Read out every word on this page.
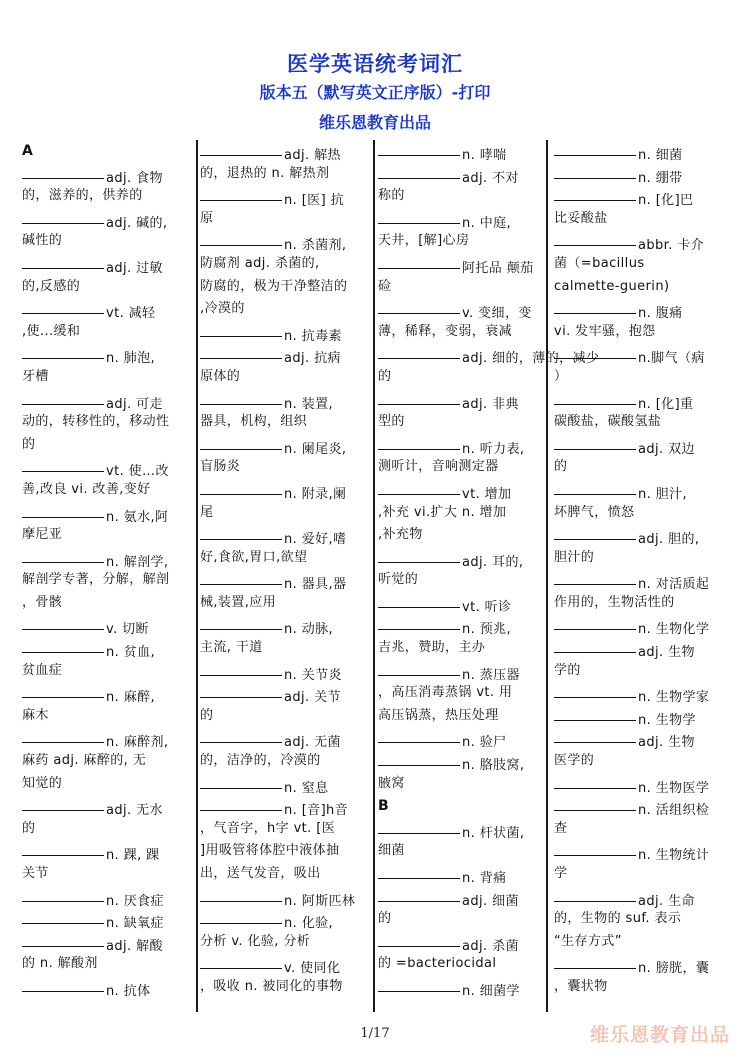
医学英语统考词汇
版本五（默写英文正序版）-打印
维乐恩教育出品
A
adj. 食物
的，滋养的，供养的
adj. 碱的,
碱性的
adj. 过敏
的,反感的
vt. 减轻
,使...缓和
n. 肺泡,
牙槽
adj. 可走
动的，转移性的，移动性
的
vt. 使…改
善,改良 vi. 改善,变好
n. 氨水,阿
摩尼亚
n. 解剖学,
解剖学专著，分解，解剖
，骨骸
v. 切断
n. 贫血,
贫血症
n. 麻醉,
麻木
n. 麻醉剂,
麻药 adj. 麻醉的, 无
知觉的
adj. 无水
的
n. 踝, 踝
关节
n. 厌食症
n. 缺氧症
adj. 解酸
的 n. 解酸剂
n. 抗体
adj. 解热
的，退热的 n. 解热剂
n. [医] 抗
原
n. 杀菌剂,
防腐剂 adj. 杀菌的,
防腐的，极为干净整洁的
,冷漠的
n. 抗毒素
adj. 抗病
原体的
n. 装置,
器具，机构，组织
n. 阑尾炎,
盲肠炎
n. 附录,阑
尾
n. 爱好,嗜
好,食欲,胃口,欲望
n. 器具,器
械,装置,应用
n. 动脉,
主流, 干道
n. 关节炎
adj. 关节
的
adj. 无菌
的，洁净的，冷漠的
n. 窒息
n. [音]h音
，气音字，h字 vt. [医
]用吸管将体腔中液体抽
出，送气发音，吸出
n. 阿斯匹林
n. 化验,
分析 v. 化验, 分析
v. 使同化
，吸收 n. 被同化的事物
n. 哮喘
adj. 不对
称的
n. 中庭,
天井，[解]心房
阿托品 颠茄
硷
v. 变细，变
薄，稀释，变弱，衰减
adj. 细的，薄的，减少
的
adj. 非典
型的
n. 听力表,
测听计，音响测定器
vt. 增加
,补充 vi.扩大 n. 增加
,补充物
adj. 耳的,
听觉的
vt. 听诊
n. 预兆,
吉兆，赞助，主办
n. 蒸压器
，高压消毒蒸锅 vt. 用
高压锅蒸，热压处理
n. 验尸
n. 胳肢窝,
腋窝
B
n. 杆状菌,
细菌
n. 背痛
adj. 细菌
的
adj. 杀菌
的 =bacteriocidal
n. 细菌学
n. 细菌
n. 绷带
n. [化]巴
比妥酸盐
abbr. 卡介
菌（=bacillus
calmette-guerin)
n. 腹痛
vi. 发牢骚，抱怨
n.脚气（病
）
n. [化]重
碳酸盐，碳酸氢盐
adj. 双边
的
n. 胆汁,
坏脾气，愤怒
adj. 胆的,
胆汁的
n. 对活质起
作用的，生物活性的
n. 生物化学
adj. 生物
学的
n. 生物学家
n. 生物学
adj. 生物
医学的
n. 生物医学
n. 活组织检
查
n. 生物统计
学
adj. 生命
的，生物的 suf. 表示
“生存方式”
n. 膀胱，囊
，囊状物
1/17	维乐恩教育出品
